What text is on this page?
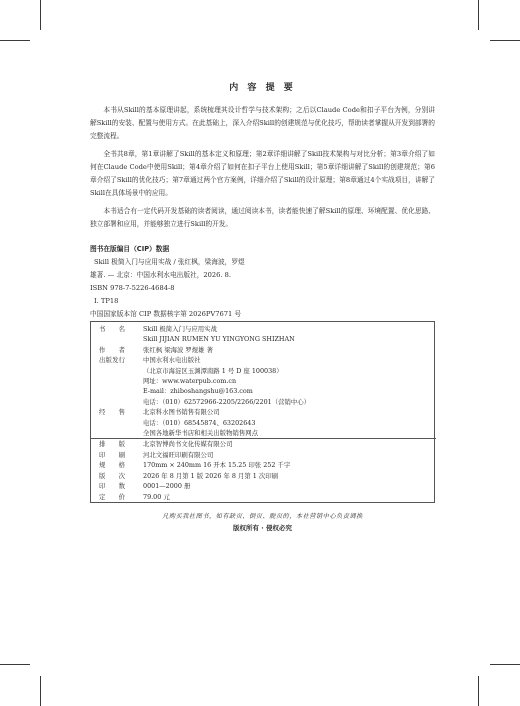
内 容 提 要

本书从Skill的基本原理讲起，系统梳理其设计哲学与技术架构；之后以Claude Code和扣子平台为例，分别讲解Skill的安装、配置与使用方式。在此基础上，深入介绍Skill的创建规范与优化技巧，帮助读者掌握从开发到部署的完整流程。

全书共8章，第1章讲解了Skill的基本定义和原理；第2章详细讲解了Skill技术架构与对比分析；第3章介绍了如何在Claude Code中使用Skill；第4章介绍了如何在扣子平台上使用Skill；第5章详细讲解了Skill的创建规范；第6章介绍了Skill的优化技巧；第7章通过两个官方案例，详细介绍了Skill的设计原理；第8章通过4个实战项目，讲解了Skill在具体场景中的应用。

本书适合有一定代码开发基础的读者阅读，通过阅读本书，读者能快速了解Skill的原理、环境配置、优化思路、独立部署和应用，并能够独立进行Skill的开发。

图书在版编目（CIP）数据
Skill 极简入门与应用实战 / 张红枫，梁海波，罗煜
雄著. — 北京：中国水利水电出版社，2026. 8.
ISBN 978-7-5226-4684-8
Ⅰ. TP18
中国国家版本馆 CIP 数据核字第 2026PV7671 号
书 名	Skill 极简入门与应用实战
Skill JIJIAN RUMEN YU YINGYONG SHIZHAN

作 者	张红枫 梁海波 罗煜雄 著

出版发行	中国水利水电出版社
（北京市海淀区玉渊潭南路 1 号 D 座 100038）
网址：www.waterpub.com.cn
E-mail：zhiboshangshu@163.com
电话：（010）62572966-2205/2266/2201（营销中心）

经 售	北京科水图书销售有限公司
电话：（010）68545874、63202643
全国各地新华书店和相关出版物销售网点

排 版	北京智博尚书文化传媒有限公司

印 刷	河北文福旺印刷有限公司

规 格	170mm × 240mm 16 开本 15.25 印张 252 千字

版 次	2026 年 8 月第 1 版 2026 年 8 月第 1 次印刷

印 数	0001—2000 册

定 价	79.00 元
凡购买我社图书，如有缺页、倒页、脱页的，本社营销中心负责调换
版权所有 · 侵权必究
